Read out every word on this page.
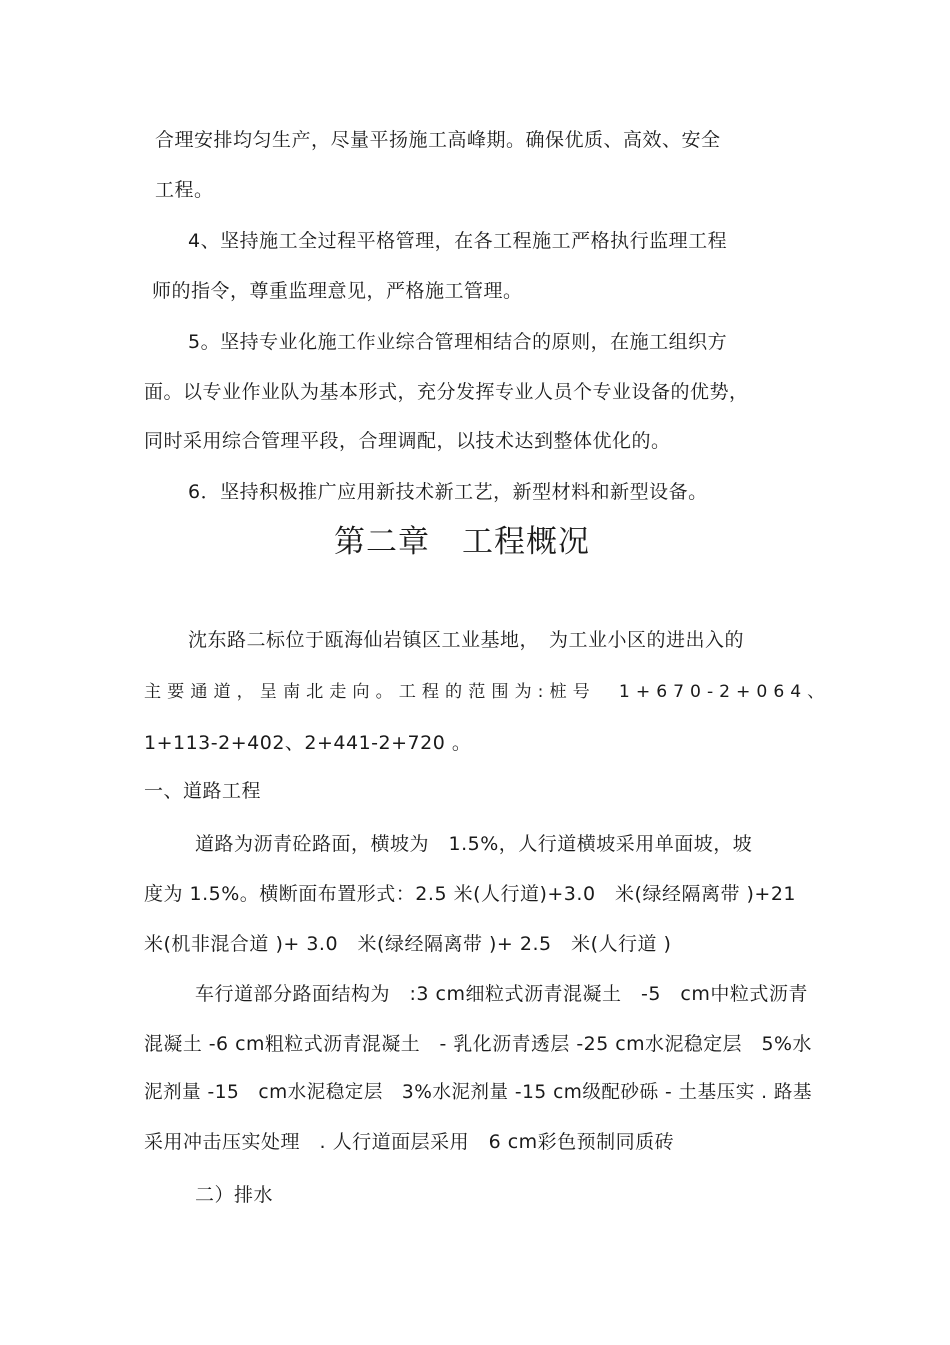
合理安排均匀生产，尽量平扬施工高峰期。确保优质、高效、安全
工程。
4、坚持施工全过程平格管理，在各工程施工严格执行监理工程
师的指令，尊重监理意见，严格施工管理。
5。坚持专业化施工作业综合管理相结合的原则，在施工组织方
面。以专业作业队为基本形式，充分发挥专业人员个专业设备的优势，
同时采用综合管理平段，合理调配，以技术达到整体优化的。
6．坚持积极推广应用新技术新工艺，新型材料和新型设备。
第二章　工程概况
沈东路二标位于瓯海仙岩镇区工业基地，　为工业小区的进出入的
主要通道，呈南北走向。工程的范围为:桩号　1+670-2+064、
1+113-2+402、2+441-2+720 。
一、道路工程
道路为沥青砼路面，横坡为　1.5%，人行道横坡采用单面坡，坡
度为 1.5%。横断面布置形式：2.5 米(人行道)+3.0　米(绿经隔离带 )+21
米(机非混合道 )+ 3.0　米(绿经隔离带 )+ 2.5　米(人行道 )
车行道部分路面结构为　:3 cm细粒式沥青混凝土　-5　cm中粒式沥青
混凝土 -6 cm粗粒式沥青混凝土　- 乳化沥青透层 -25 cm水泥稳定层　5%水
泥剂量 -15　cm水泥稳定层　3%水泥剂量 -15 cm级配砂砾 - 土基压实 . 路基
采用冲击压实处理　. 人行道面层采用　6 cm彩色预制同质砖
二）排水
